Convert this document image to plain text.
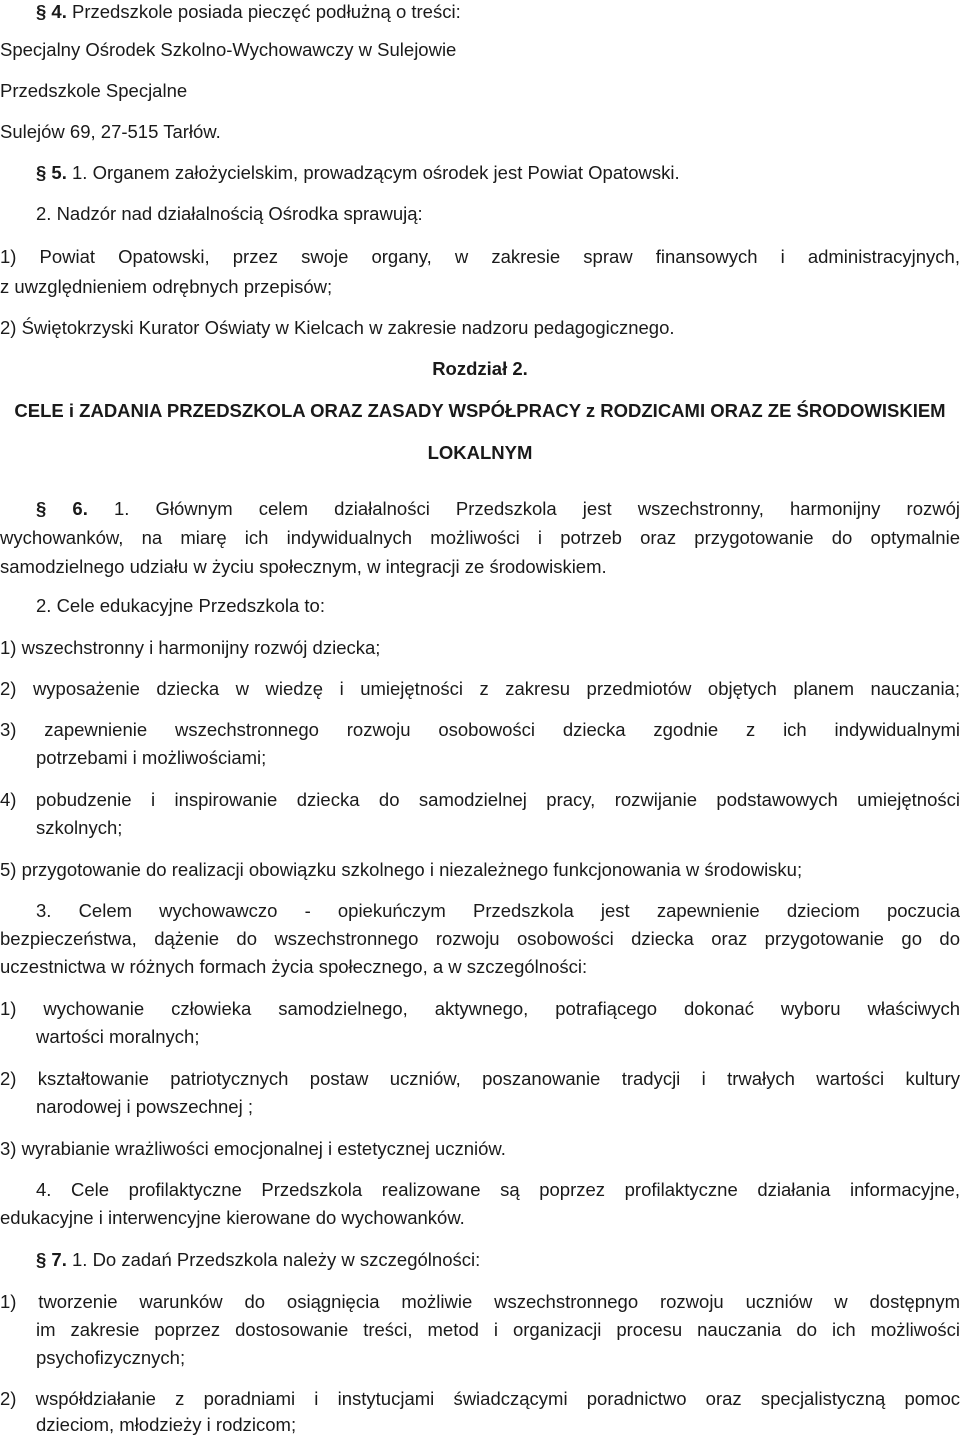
§ 4. Przedszkole posiada pieczęć podłużną o treści:

Specjalny Ośrodek Szkolno-Wychowawczy w Sulejowie

Przedszkole Specjalne

Sulejów 69, 27-515 Tarłów.

§ 5. 1. Organem założycielskim, prowadzącym ośrodek jest Powiat Opatowski.

2. Nadzór nad działalnością Ośrodka sprawują:

1) Powiat Opatowski, przez swoje organy, w zakresie spraw finansowych i administracyjnych,

z uwzględnieniem odrębnych przepisów;

2) Świętokrzyski Kurator Oświaty w Kielcach w zakresie nadzoru pedagogicznego.

Rozdział 2.

CELE i ZADANIA PRZEDSZKOLA ORAZ ZASADY WSPÓŁPRACY z RODZICAMI ORAZ ZE ŚRODOWISKIEM

LOKALNYM

§ 6. 1. Głównym celem działalności Przedszkola jest wszechstronny, harmonijny rozwój

wychowanków, na miarę ich indywidualnych możliwości i potrzeb oraz przygotowanie do optymalnie

samodzielnego udziału w życiu społecznym, w integracji ze środowiskiem.

2. Cele edukacyjne Przedszkola to:

1) wszechstronny i harmonijny rozwój dziecka;

2) wyposażenie dziecka w wiedzę i umiejętności z zakresu przedmiotów objętych planem nauczania;

3) zapewnienie wszechstronnego rozwoju osobowości dziecka zgodnie z ich indywidualnymi

potrzebami i możliwościami;

4) pobudzenie i inspirowanie dziecka do samodzielnej pracy, rozwijanie podstawowych umiejętności

szkolnych;

5) przygotowanie do realizacji obowiązku szkolnego i niezależnego funkcjonowania w środowisku;

3. Celem wychowawczo - opiekuńczym Przedszkola jest zapewnienie dzieciom poczucia

bezpieczeństwa, dążenie do wszechstronnego rozwoju osobowości dziecka oraz przygotowanie go do

uczestnictwa w różnych formach życia społecznego, a w szczególności:

1) wychowanie człowieka samodzielnego, aktywnego, potrafiącego dokonać wyboru właściwych

wartości moralnych;

2) kształtowanie patriotycznych postaw uczniów, poszanowanie tradycji i trwałych wartości kultury

narodowej i powszechnej ;

3) wyrabianie wrażliwości emocjonalnej i estetycznej uczniów.

4. Cele profilaktyczne Przedszkola realizowane są poprzez profilaktyczne działania informacyjne,

edukacyjne i interwencyjne kierowane do wychowanków.

§ 7. 1. Do zadań Przedszkola należy w szczególności:

1) tworzenie warunków do osiągnięcia możliwie wszechstronnego rozwoju uczniów w dostępnym

im zakresie poprzez dostosowanie treści, metod i organizacji procesu nauczania do ich możliwości

psychofizycznych;

2) współdziałanie z poradniami i instytucjami świadczącymi poradnictwo oraz specjalistyczną pomoc

dzieciom, młodzieży i rodzicom;
